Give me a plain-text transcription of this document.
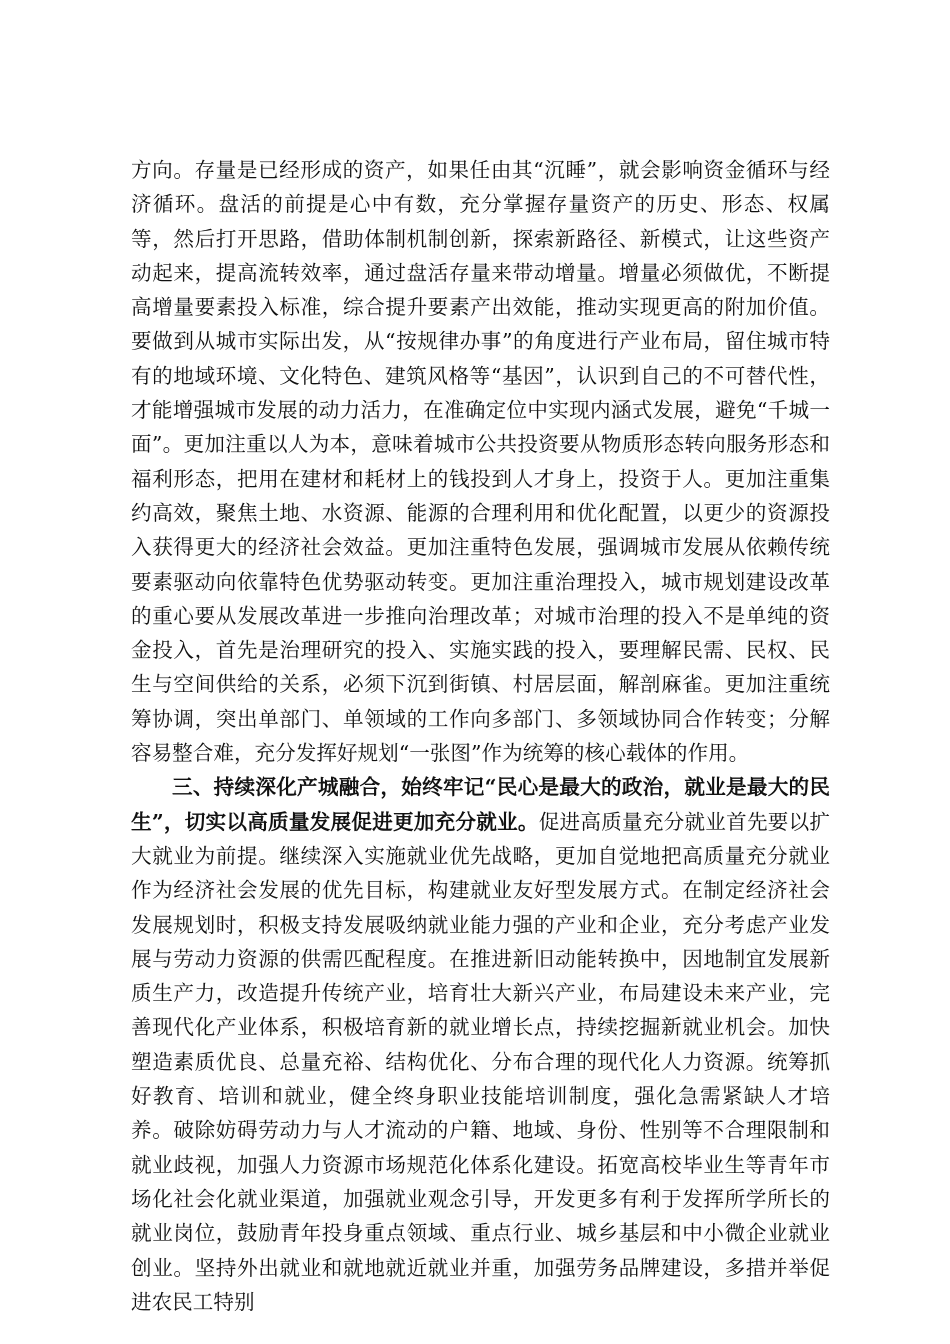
方向。存量是已经形成的资产，如果任由其“沉睡”，就会影响资金循环与经济循环。盘活的前提是心中有数，充分掌握存量资产的历史、形态、权属等，然后打开思路，借助体制机制创新，探索新路径、新模式，让这些资产动起来，提高流转效率，通过盘活存量来带动增量。增量必须做优，不断提高增量要素投入标准，综合提升要素产出效能，推动实现更高的附加价值。要做到从城市实际出发，从“按规律办事”的角度进行产业布局，留住城市特有的地域环境、文化特色、建筑风格等“基因”，认识到自己的不可替代性，才能增强城市发展的动力活力，在准确定位中实现内涵式发展，避免“千城一面”。更加注重以人为本，意味着城市公共投资要从物质形态转向服务形态和福利形态，把用在建材和耗材上的钱投到人才身上，投资于人。更加注重集约高效，聚焦土地、水资源、能源的合理利用和优化配置，以更少的资源投入获得更大的经济社会效益。更加注重特色发展，强调城市发展从依赖传统要素驱动向依靠特色优势驱动转变。更加注重治理投入，城市规划建设改革的重心要从发展改革进一步推向治理改革；对城市治理的投入不是单纯的资金投入，首先是治理研究的投入、实施实践的投入，要理解民需、民权、民生与空间供给的关系，必须下沉到街镇、村居层面，解剖麻雀。更加注重统筹协调，突出单部门、单领域的工作向多部门、多领域协同合作转变；分解容易整合难，充分发挥好规划“一张图”作为统筹的核心载体的作用。

三、持续深化产城融合，始终牢记“民心是最大的政治，就业是最大的民生”，切实以高质量发展促进更加充分就业。促进高质量充分就业首先要以扩大就业为前提。继续深入实施就业优先战略，更加自觉地把高质量充分就业作为经济社会发展的优先目标，构建就业友好型发展方式。在制定经济社会发展规划时，积极支持发展吸纳就业能力强的产业和企业，充分考虑产业发展与劳动力资源的供需匹配程度。在推进新旧动能转换中，因地制宜发展新质生产力，改造提升传统产业，培育壮大新兴产业，布局建设未来产业，完善现代化产业体系，积极培育新的就业增长点，持续挖掘新就业机会。加快塑造素质优良、总量充裕、结构优化、分布合理的现代化人力资源。统筹抓好教育、培训和就业，健全终身职业技能培训制度，强化急需紧缺人才培养。破除妨碍劳动力与人才流动的户籍、地域、身份、性别等不合理限制和就业歧视，加强人力资源市场规范化体系化建设。拓宽高校毕业生等青年市场化社会化就业渠道，加强就业观念引导，开发更多有利于发挥所学所长的就业岗位，鼓励青年投身重点领域、重点行业、城乡基层和中小微企业就业创业。坚持外出就业和就地就近就业并重，加强劳务品牌建设，多措并举促进农民工特别
